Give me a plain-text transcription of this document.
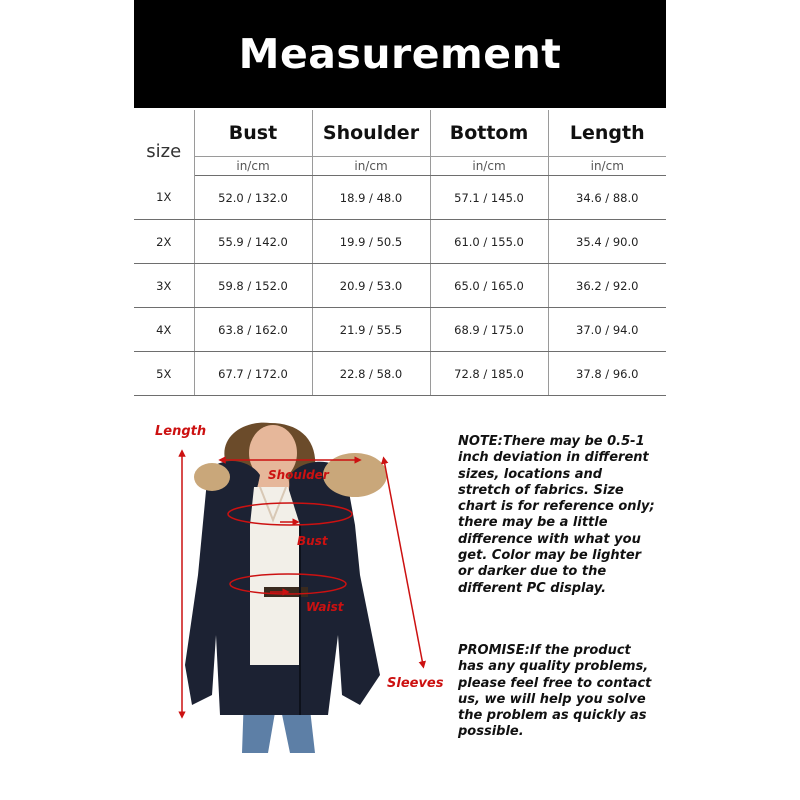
Measurement
size	Bust	Shoulder	Bottom	Length
	in/cm	in/cm	in/cm	in/cm
1X	52.0 / 132.0	18.9 / 48.0	57.1 / 145.0	34.6 / 88.0
2X	55.9 / 142.0	19.9 / 50.5	61.0 / 155.0	35.4 / 90.0
3X	59.8 / 152.0	20.9 / 53.0	65.0 / 165.0	36.2 / 92.0
4X	63.8 / 162.0	21.9 / 55.5	68.9 / 175.0	37.0 / 94.0
5X	67.7 / 172.0	22.8 / 58.0	72.8 / 185.0	37.8 / 96.0
Length
Shoulder
Bust
Waist
Sleeves
NOTE:There may be 0.5-1 inch deviation in different sizes, locations and stretch of fabrics. Size chart is for reference only; there may be a little difference with what you get. Color may be lighter or darker due to the different PC display.
PROMISE:If the product has any quality problems, please feel free to contact us, we will help you solve the problem as quickly as possible.
